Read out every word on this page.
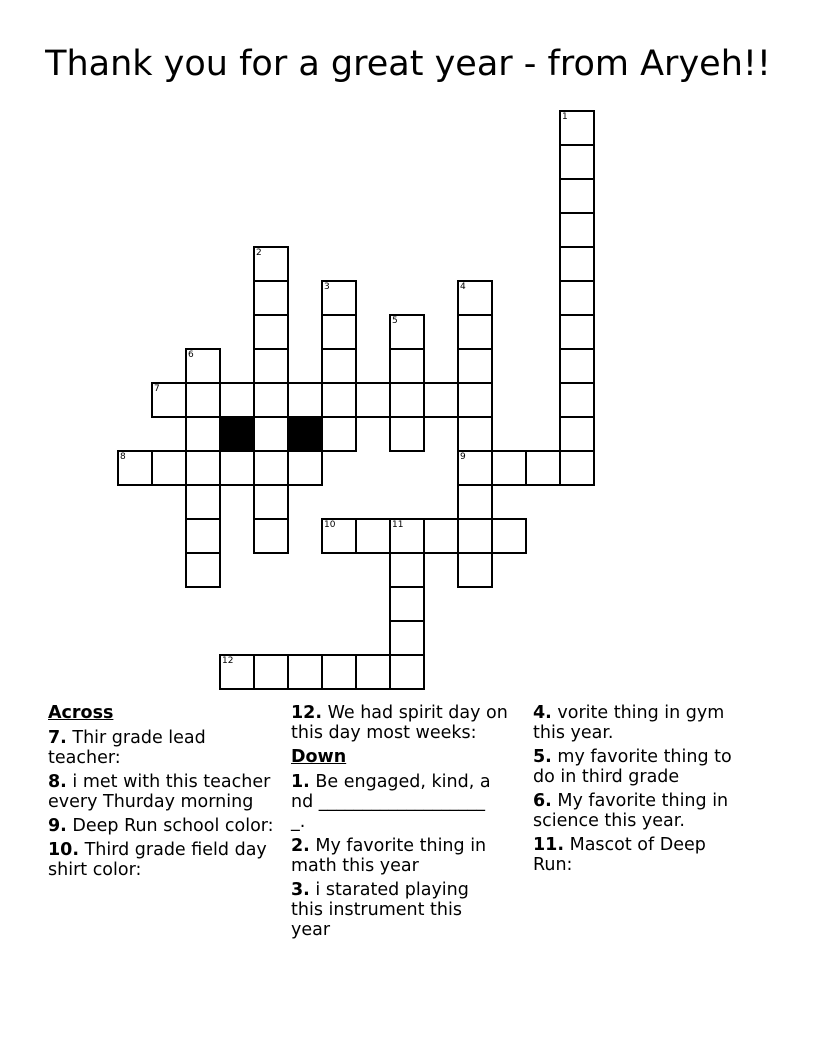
Thank you for a great year - from Aryeh!!
1
2
3	4
9
5
6
7
8
10	11
12
Across
7. Thir grade lead teacher:
8. i met with this teacher every Thurday morning
9. Deep Run school color:
10. Third grade field day shirt color:
12. We had spirit day on this day most weeks:
Down
1. Be engaged, kind, and ____________________.
2. My favorite thing in math this year
3. i starated playing this instrument this year
4. vorite thing in gym this year.
5. my favorite thing to do in third grade
6. My favorite thing in science this year.
11. Mascot of Deep Run:
